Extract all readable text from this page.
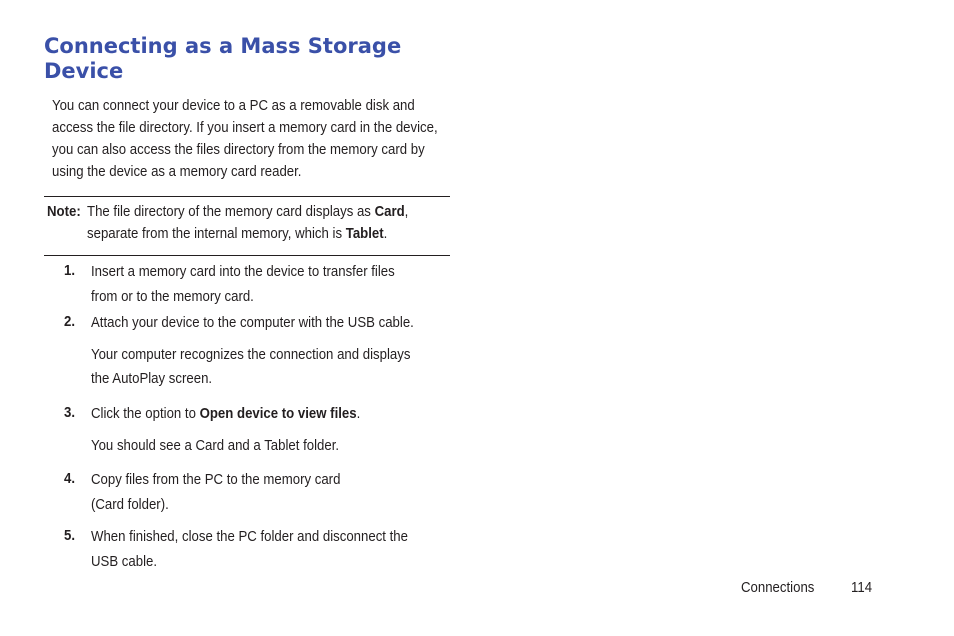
Connecting as a Mass Storage Device
You can connect your device to a PC as a removable disk and access the file directory. If you insert a memory card in the device, you can also access the files directory from the memory card by using the device as a memory card reader.
Note: The file directory of the memory card displays as Card,
separate from the internal memory, which is Tablet.
1. Insert a memory card into the device to transfer files
from or to the memory card.
2. Attach your device to the computer with the USB cable.
Your computer recognizes the connection and displays
the AutoPlay screen.
3. Click the option to Open device to view files.
You should see a Card and a Tablet folder.
4. Copy files from the PC to the memory card
(Card folder).
5. When finished, close the PC folder and disconnect the
USB cable.
Connections 114
